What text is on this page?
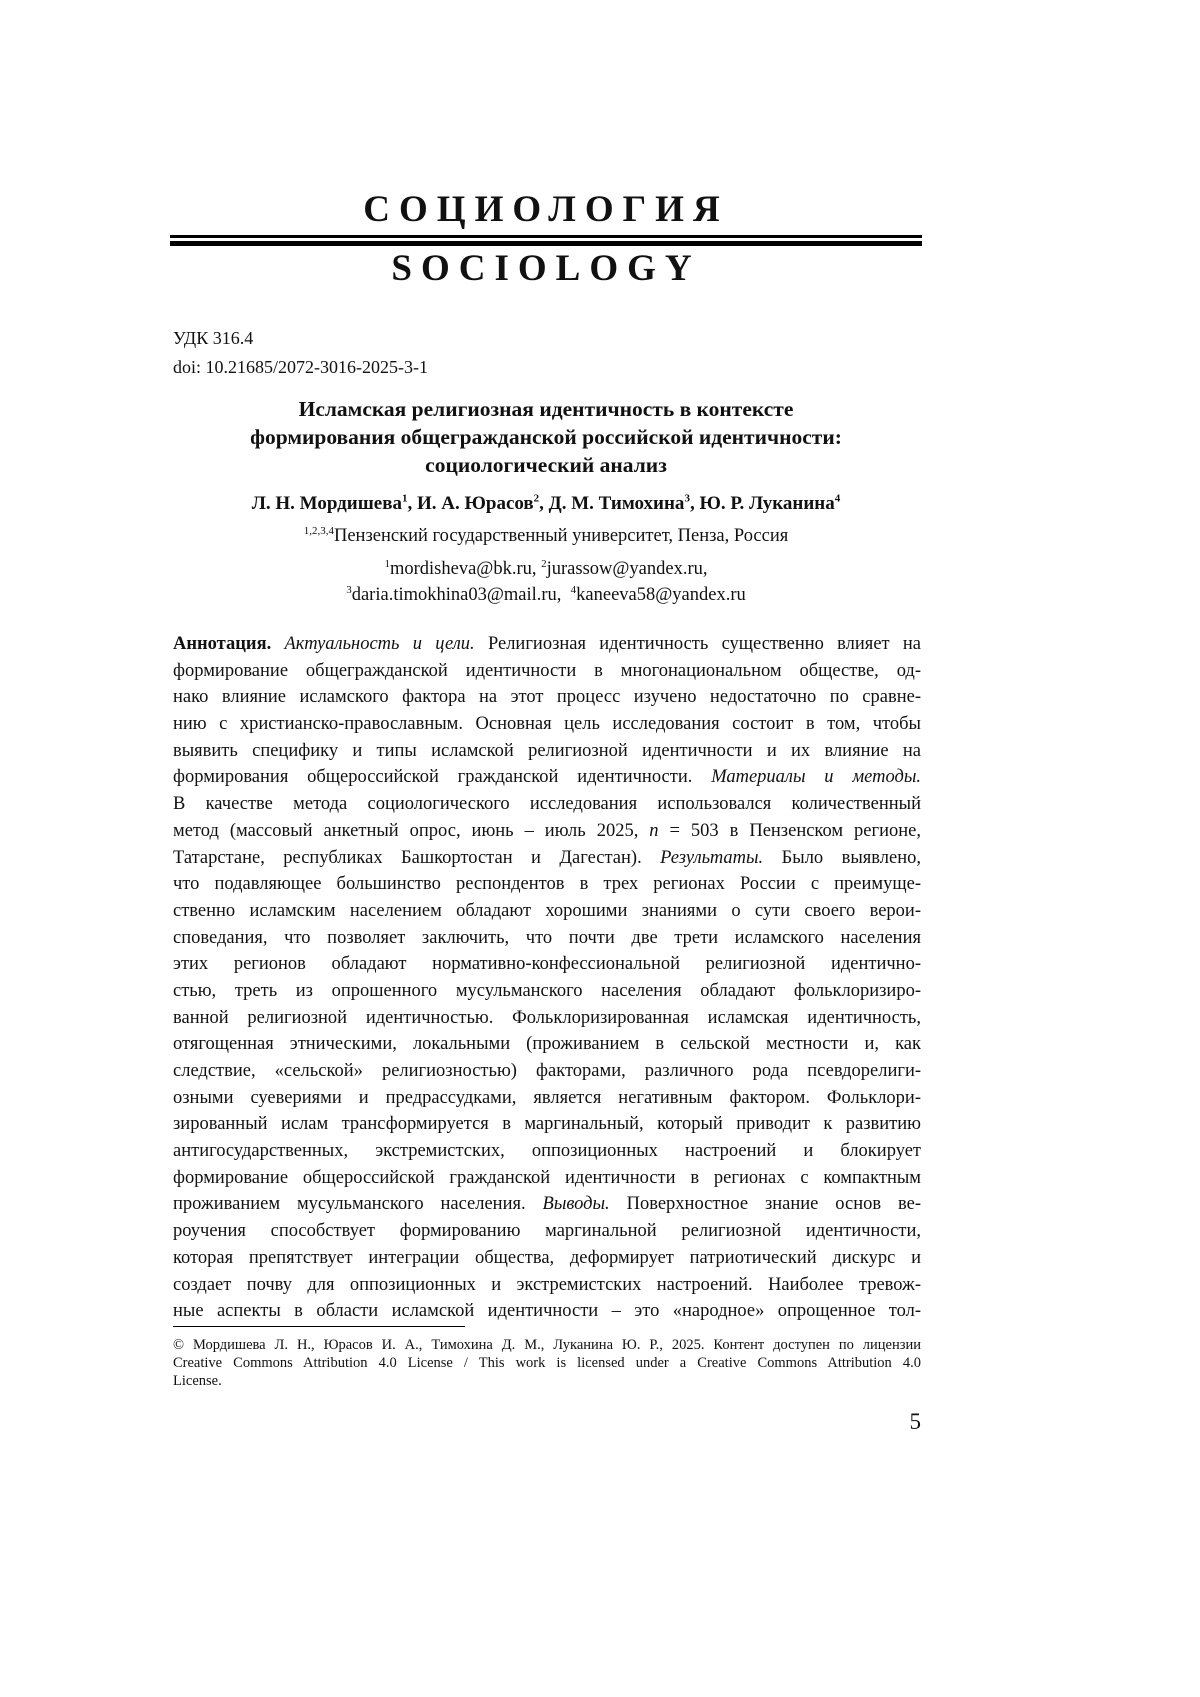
СОЦИОЛОГИЯ
SOCIOLOGY
УДК 316.4
doi: 10.21685/2072-3016-2025-3-1
Исламская религиозная идентичность в контексте
формирования общегражданской российской идентичности:
социологический анализ
Л. Н. Мордишева$^1$, И. А. Юрасов$^2$, Д. М. Тимохина$^3$, Ю. Р. Луканина$^4$
$^{1,2,3,4}$Пензенский государственный университет, Пенза, Россия
$^1$mordisheva@bk.ru, $^2$jurassow@yandex.ru,
$^3$daria.timokhina03@mail.ru, $^4$kaneeva58@yandex.ru
Аннотация. Актуальность и цели. Религиозная идентичность существенно влияет на
формирование общегражданской идентичности в многонациональном обществе, од-
нако влияние исламского фактора на этот процесс изучено недостаточно по сравне-
нию с христианско-православным. Основная цель исследования состоит в том, чтобы
выявить специфику и типы исламской религиозной идентичности и их влияние на
формирования общероссийской гражданской идентичности. Материалы и методы.
В качестве метода социологического исследования использовался количественный
метод (массовый анкетный опрос, июнь – июль 2025, n = 503 в Пензенском регионе,
Татарстане, республиках Башкортостан и Дагестан). Результаты. Было выявлено,
что подавляющее большинство респондентов в трех регионах России с преимуще-
ственно исламским населением обладают хорошими знаниями о сути своего верои-
споведания, что позволяет заключить, что почти две трети исламского населения
этих регионов обладают нормативно-конфессиональной религиозной идентично-
стью, треть из опрошенного мусульманского населения обладают фольклоризиро-
ванной религиозной идентичностью. Фольклоризированная исламская идентичность,
отягощенная этническими, локальными (проживанием в сельской местности и, как
следствие, «сельской» религиозностью) факторами, различного рода псевдорелиги-
озными суевериями и предрассудками, является негативным фактором. Фольклори-
зированный ислам трансформируется в маргинальный, который приводит к развитию
антигосударственных, экстремистских, оппозиционных настроений и блокирует
формирование общероссийской гражданской идентичности в регионах с компактным
проживанием мусульманского населения. Выводы. Поверхностное знание основ ве-
роучения способствует формированию маргинальной религиозной идентичности,
которая препятствует интеграции общества, деформирует патриотический дискурс и
создает почву для оппозиционных и экстремистских настроений. Наиболее тревож-
ные аспекты в области исламской идентичности – это «народное» опрощенное тол-
© Мордишева Л. Н., Юрасов И. А., Тимохина Д. М., Луканина Ю. Р., 2025. Контент доступен по лицензии
Creative Commons Attribution 4.0 License / This work is licensed under a Creative Commons Attribution 4.0
License.
5
